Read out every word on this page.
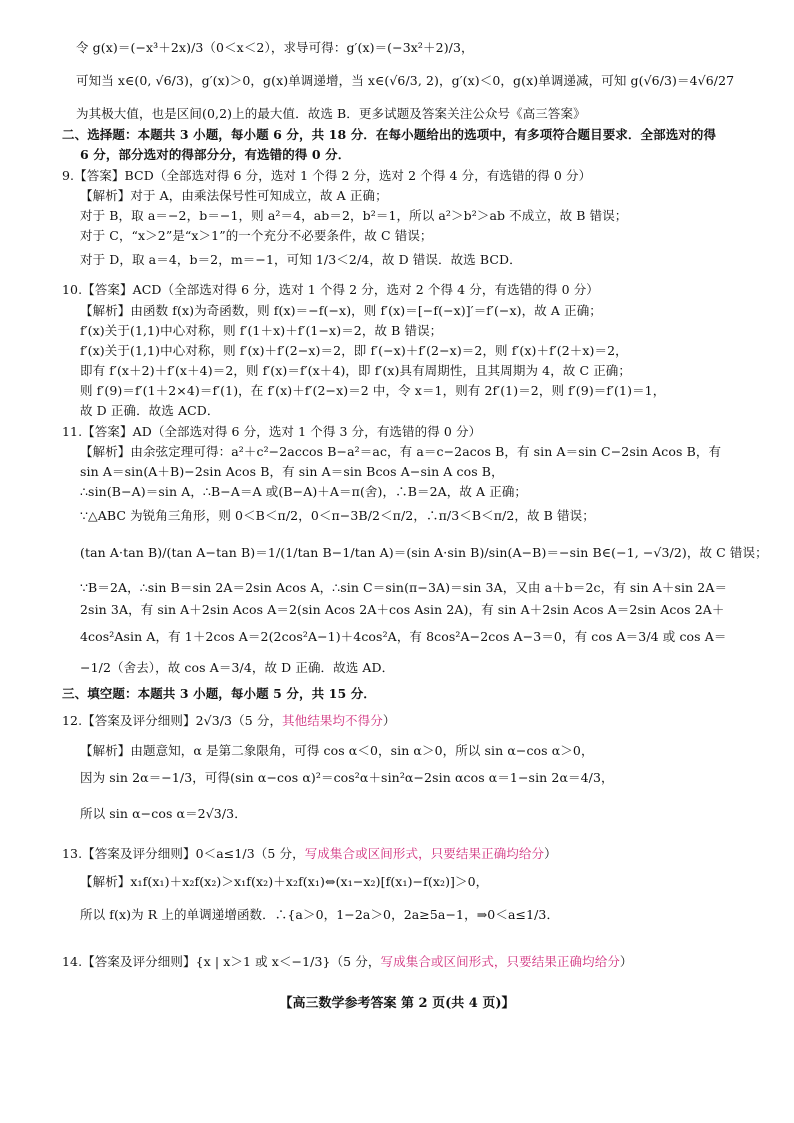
令 g(x)＝(−x³＋2x)/3（0＜x＜2），求导可得：g′(x)＝(−3x²＋2)/3，
可知当 x∈(0, √6/3)，g′(x)＞0，g(x)单调递增，当 x∈(√6/3, 2)，g′(x)＜0，g(x)单调递减，可知 g(√6/3)＝4√6/27
为其极大值，也是区间(0,2)上的最大值．故选 B．更多试题及答案关注公众号《高三答案》
二、选择题：本题共 3 小题，每小题 6 分，共 18 分．在每小题给出的选项中，有多项符合题目要求．全部选对的得
6 分，部分选对的得部分分，有选错的得 0 分．
9.【答案】BCD（全部选对得 6 分，选对 1 个得 2 分，选对 2 个得 4 分，有选错的得 0 分）
【解析】对于 A，由乘法保号性可知成立，故 A 正确；
对于 B，取 a＝−2，b＝−1，则 a²＝4，ab＝2，b²＝1，所以 a²＞b²＞ab 不成立，故 B 错误；
对于 C，“x＞2”是“x＞1”的一个充分不必要条件，故 C 错误；
对于 D，取 a＝4，b＝2，m＝−1，可知 1/3＜2/4，故 D 错误．故选 BCD．
10.【答案】ACD（全部选对得 6 分，选对 1 个得 2 分，选对 2 个得 4 分，有选错的得 0 分）
【解析】由函数 f(x)为奇函数，则 f(x)＝−f(−x)，则 f′(x)＝[−f(−x)]′＝f′(−x)，故 A 正确；
f′(x)关于(1,1)中心对称，则 f′(1＋x)＋f′(1−x)＝2，故 B 错误；
f′(x)关于(1,1)中心对称，则 f′(x)＋f′(2−x)＝2，即 f′(−x)＋f′(2−x)＝2，则 f′(x)＋f′(2＋x)＝2，
即有 f′(x＋2)＋f′(x＋4)＝2，则 f′(x)＝f′(x＋4)，即 f′(x)具有周期性，且其周期为 4，故 C 正确；
则 f′(9)＝f′(1＋2×4)＝f′(1)，在 f′(x)＋f′(2−x)＝2 中，令 x＝1，则有 2f′(1)＝2，则 f′(9)＝f′(1)＝1，
故 D 正确．故选 ACD．
11.【答案】AD（全部选对得 6 分，选对 1 个得 3 分，有选错的得 0 分）
【解析】由余弦定理可得：a²＋c²−2accos B−a²＝ac，有 a＝c−2acos B，有 sin A＝sin C−2sin Acos B，有
sin A＝sin(A＋B)−2sin Acos B，有 sin A＝sin Bcos A−sin A cos B，
∴sin(B−A)＝sin A，∴B−A＝A 或(B−A)＋A＝π(舍)，∴B＝2A，故 A 正确；
∵△ABC 为锐角三角形，则 0＜B＜π/2，0＜π−3B/2＜π/2，∴π/3＜B＜π/2，故 B 错误；
(tan A·tan B)/(tan A−tan B)＝1/(1/tan B−1/tan A)＝(sin A·sin B)/sin(A−B)＝−sin B∈(−1, −√3/2)，故 C 错误；
∵B＝2A，∴sin B＝sin 2A＝2sin Acos A，∴sin C＝sin(π−3A)＝sin 3A，又由 a＋b＝2c，有 sin A＋sin 2A＝
2sin 3A，有 sin A＋2sin Acos A＝2(sin Acos 2A＋cos Asin 2A)，有 sin A＋2sin Acos A＝2sin Acos 2A＋
4cos²Asin A，有 1＋2cos A＝2(2cos²A−1)＋4cos²A，有 8cos²A−2cos A−3＝0，有 cos A＝3/4 或 cos A＝
−1/2（舍去），故 cos A＝3/4，故 D 正确．故选 AD．
三、填空题：本题共 3 小题，每小题 5 分，共 15 分．
12.【答案及评分细则】2√3/3（5 分，其他结果均不得分）
【解析】由题意知，α 是第二象限角，可得 cos α＜0，sin α＞0，所以 sin α−cos α＞0，
因为 sin 2α＝−1/3，可得(sin α−cos α)²＝cos²α＋sin²α−2sin αcos α＝1−sin 2α＝4/3，
所以 sin α−cos α＝2√3/3．
13.【答案及评分细则】0＜a≤1/3（5 分，写成集合或区间形式，只要结果正确均给分）
【解析】x₁f(x₁)＋x₂f(x₂)＞x₁f(x₂)＋x₂f(x₁)⇔(x₁−x₂)[f(x₁)−f(x₂)]＞0，
所以 f(x)为 R 上的单调递增函数．∴{a＞0，1−2a＞0，2a≥5a−1，⇒0＜a≤1/3．
14.【答案及评分细则】{x | x＞1 或 x＜−1/3}（5 分，写成集合或区间形式，只要结果正确均给分）
【高三数学参考答案 第 2 页(共 4 页)】
